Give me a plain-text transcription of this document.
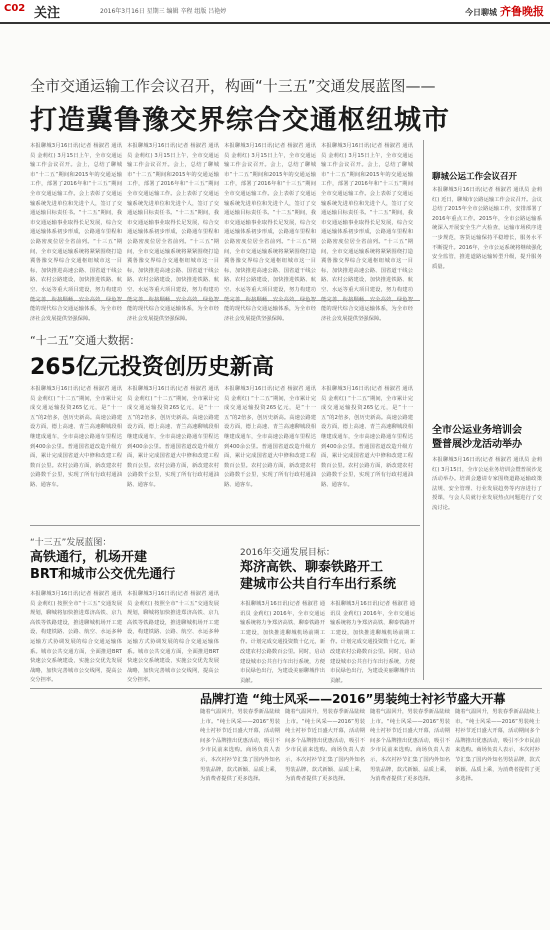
C02 关注	2016年3月16日 星期三 编辑 辛程 组版 吕艳婷	今日聊城 齐鲁晚报
全市交通运输工作会议召开，构画“十三五”交通发展蓝图——
打造冀鲁豫交界综合交通枢纽城市
本报聊城3月16日讯(记者 杨淑君 通讯员 金莉红) 3月15日上午，全市交通运输工作会议召开。会上，总结了聊城市“十二五”期间和2015年的交通运输工作，部署了2016年和“十三五”期间全市交通运输工作。会上表彰了交通运输系统先进单位和先进个人，签订了交通运输目标责任书。“十二五”期间，我市交通运输事业取得长足发展，综合交通运输体系初步形成，公路通车里程和公路密度位居全省前列。“十三五”期间，全市交通运输系统将紧紧围绕打造冀鲁豫交界综合交通枢纽城市这一目标，加快推进高速公路、国省道干线公路、农村公路建设，加快推进铁路、航空、水运等重大项目建设，努力构建功 能的现代综合交通运输体系，为全市经济社会发展提供坚强保障。
本报聊城3月16日讯(记者 杨淑君 通讯员 金莉红) 3月15日上午，全市交通运输工作会议召开。会上，总结了聊城市“十二五”期间和2015年的交通运输工作，部署了2016年和“十三五”期间全市交通运输工作。会上表彰了交通运输系统先进单位和先进个人，签订了交通运输目标责任书。“十二五”期间，我市交通运输事业取得长足发展，综合交通运输体系初步形成，公路通车里程和公路密度位居全省前列。“十三五”期间，全市交通运输系统将紧紧围绕打造冀鲁豫交界综合交通枢纽城市这一目标，加快推进高速公路、国省道干线公路、农村公路建设，加快推进铁路、航空、水运等重大项目建设，努力构建功 能的现代综合交通运输体系，为全市经济社会发展提供坚强保障。
本报聊城3月16日讯(记者 杨淑君 通讯员 金莉红) 3月15日上午，全市交通运输工作会议召开。会上，总结了聊城市“十二五”期间和2015年的交通运输工作，部署了2016年和“十三五”期间全市交通运输工作。会上表彰了交通运输系统先进单位和先进个人，签订了交通运输目标责任书。“十二五”期间，我市交通运输事业取得长足发展，综合交通运输体系初步形成，公路通车里程和公路密度位居全省前列。“十三五”期间，全市交通运输系统将紧紧围绕打造冀鲁豫交界综合交通枢纽城市这一目标，加快推进高速公路、国省道干线公路、农村公路建设，加快推进铁路、航空、水运等重大项目建设，努力构建功 能的现代综合交通运输体系，为全市经济社会发展提供坚强保障。
本报聊城3月16日讯(记者 杨淑君 通讯员 金莉红) 3月15日上午，全市交通运输工作会议召开。会上，总结了聊城市“十二五”期间和2015年的交通运输工作，部署了2016年和“十三五”期间全市交通运输工作。会上表彰了交通运输系统先进单位和先进个人，签订了交通运输目标责任书。“十二五”期间，我市交通运输事业取得长足发展，综合交通运输体系初步形成，公路通车里程和公路密度位居全省前列。“十三五”期间，全市交通运输系统将紧紧围绕打造冀鲁豫交界综合交通枢纽城市这一目标，加快推进高速公路、国省道干线公路、农村公路建设，加快推进铁路、航空、水运等重大项目建设，努力构建功 能的现代综合交通运输体系，为全市经济社会发展提供坚强保障。
“十二五”交通大数据：
265亿元投资创历史新高
本报聊城3月16日讯(记者 杨淑君 通讯员 金莉红) “十二五”期间，全市累计完成交通运输投资265亿元，是“十一五”的2倍多，创历史新高。高速公路建设方面，德上高速、青兰高速聊城段相继建成通车，全市高速公路通车里程达到400余公里。普通国省道改造升级方面，累计完成国省道大中修和改建工程数百公里。农村公路方面，新改建农村公路数千公里，实现了所有行政村通油路、通客车。
本报聊城3月16日讯(记者 杨淑君 通讯员 金莉红) “十二五”期间，全市累计完成交通运输投资265亿元，是“十一五”的2倍多，创历史新高。高速公路建设方面，德上高速、青兰高速聊城段相继建成通车，全市高速公路通车里程达到400余公里。普通国省道改造升级方面，累计完成国省道大中修和改建工程数百公里。农村公路方面，新改建农村公路数千公里，实现了所有行政村通油路、通客车。
本报聊城3月16日讯(记者 杨淑君 通讯员 金莉红) “十二五”期间，全市累计完成交通运输投资265亿元，是“十一五”的2倍多，创历史新高。高速公路建设方面，德上高速、青兰高速聊城段相继建成通车，全市高速公路通车里程达到400余公里。普通国省道改造升级方面，累计完成国省道大中修和改建工程数百公里。农村公路方面，新改建农村公路数千公里，实现了所有行政村通油路、通客车。
本报聊城3月16日讯(记者 杨淑君 通讯员 金莉红) “十二五”期间，全市累计完成交通运输投资265亿元，是“十一五”的2倍多，创历史新高。高速公路建设方面，德上高速、青兰高速聊城段相继建成通车，全市高速公路通车里程达到400余公里。普通国省道改造升级方面，累计完成国省道大中修和改建工程数百公里。农村公路方面，新改建农村公路数千公里，实现了所有行政村通油路、通客车。
“十三五”发展蓝图：
高铁通行，机场开建
BRT和城市公交优先通行
本报聊城3月16日讯(记者 杨淑君 通讯员 金莉红) 按照全市“十三五”交通发展规划，聊城将加快推进郑济高铁、京九高铁等铁路建设，推进聊城机场开工建设，构建铁路、公路、航空、水运多种运输方式协调发展的综合交通运输体系。城市公共交通方面，全面推进BRT快速公交系统建设，实施公交优先发展战略，加快完善城市公交线网，提高公交分担率。
本报聊城3月16日讯(记者 杨淑君 通讯员 金莉红) 按照全市“十三五”交通发展规划，聊城将加快推进郑济高铁、京九高铁等铁路建设，推进聊城机场开工建设，构建铁路、公路、航空、水运多种运输方式协调发展的综合交通运输体系。城市公共交通方面，全面推进BRT快速公交系统建设，实施公交优先发展战略，加快完善城市公交线网，提高公交分担率。
2016年交通发展目标：
郑济高铁、聊泰铁路开工
建城市公共自行车出行系统
本报聊城3月16日讯(记者 杨淑君 通讯员 金莉红) 2016年，全市交通运输系统将力争郑济高铁、聊泰铁路开工建设，加快推进聊城机场前期工作。计划完成交通投资数十亿元，新改建农村公路数百公里。同时，启动建设城市公共自行车出行系统，方便市民绿色出行，为建设美丽聊城作出贡献。
本报聊城3月16日讯(记者 杨淑君 通讯员 金莉红) 2016年，全市交通运输系统将力争郑济高铁、聊泰铁路开工建设，加快推进聊城机场前期工作。计划完成交通投资数十亿元，新改建农村公路数百公里。同时，启动建设城市公共自行车出行系统，方便市民绿色出行，为建设美丽聊城作出贡献。
聊城公运工作会议召开
本报聊城3月16日讯(记者 杨淑君 通讯员 金莉红) 近日，聊城市公路运输工作会议召开。会议总结了2015年全市公路运输工作，安排部署了2016年重点工作。2015年，全市公路运输系统深入开展安全生产大检查，运输市场秩序进一步规范，客货运输保持平稳增长，服务水平不断提升。2016年，全市公运系统将继续强化安全监管，推进道路运输转型升级，提升服务质量。
全市公运业务培训会
暨普展沙龙活动举办
本报聊城3月16日讯(记者 杨淑君 通讯员 金莉红) 3月15日，全市公运业务培训会暨普展沙龙活动举办。培训会邀请专家围绕道路运输政策法规、安全管理、行业发展趋势等内容进行了授课，与会人员就行业发展热点问题进行了交流讨论。
品牌打造 “纯士风采——2016”男装纯士衬衫节盛大开幕
随着气温回升，男装春季新品陆续上市。“纯士风采——2016”男装纯士衬衫节近日盛大开幕，活动期间多个品牌推出优惠活动，吸引不少市民前来选购。商场负责人表示，本次衬衫节汇集了国内外知名男装品牌，款式新颖、品质上乘，为消费者提供了更多选择。
随着气温回升，男装春季新品陆续上市。“纯士风采——2016”男装纯士衬衫节近日盛大开幕，活动期间多个品牌推出优惠活动，吸引不少市民前来选购。商场负责人表示，本次衬衫节汇集了国内外知名男装品牌，款式新颖、品质上乘，为消费者提供了更多选择。
随着气温回升，男装春季新品陆续上市。“纯士风采——2016”男装纯士衬衫节近日盛大开幕，活动期间多个品牌推出优惠活动，吸引不少市民前来选购。商场负责人表示，本次衬衫节汇集了国内外知名男装品牌，款式新颖、品质上乘，为消费者提供了更多选择。
随着气温回升，男装春季新品陆续上市。“纯士风采——2016”男装纯士衬衫节近日盛大开幕，活动期间多个品牌推出优惠活动，吸引不少市民前来选购。商场负责人表示，本次衬衫节汇集了国内外知名男装品牌，款式新颖、品质上乘，为消费者提供了更多选择。
